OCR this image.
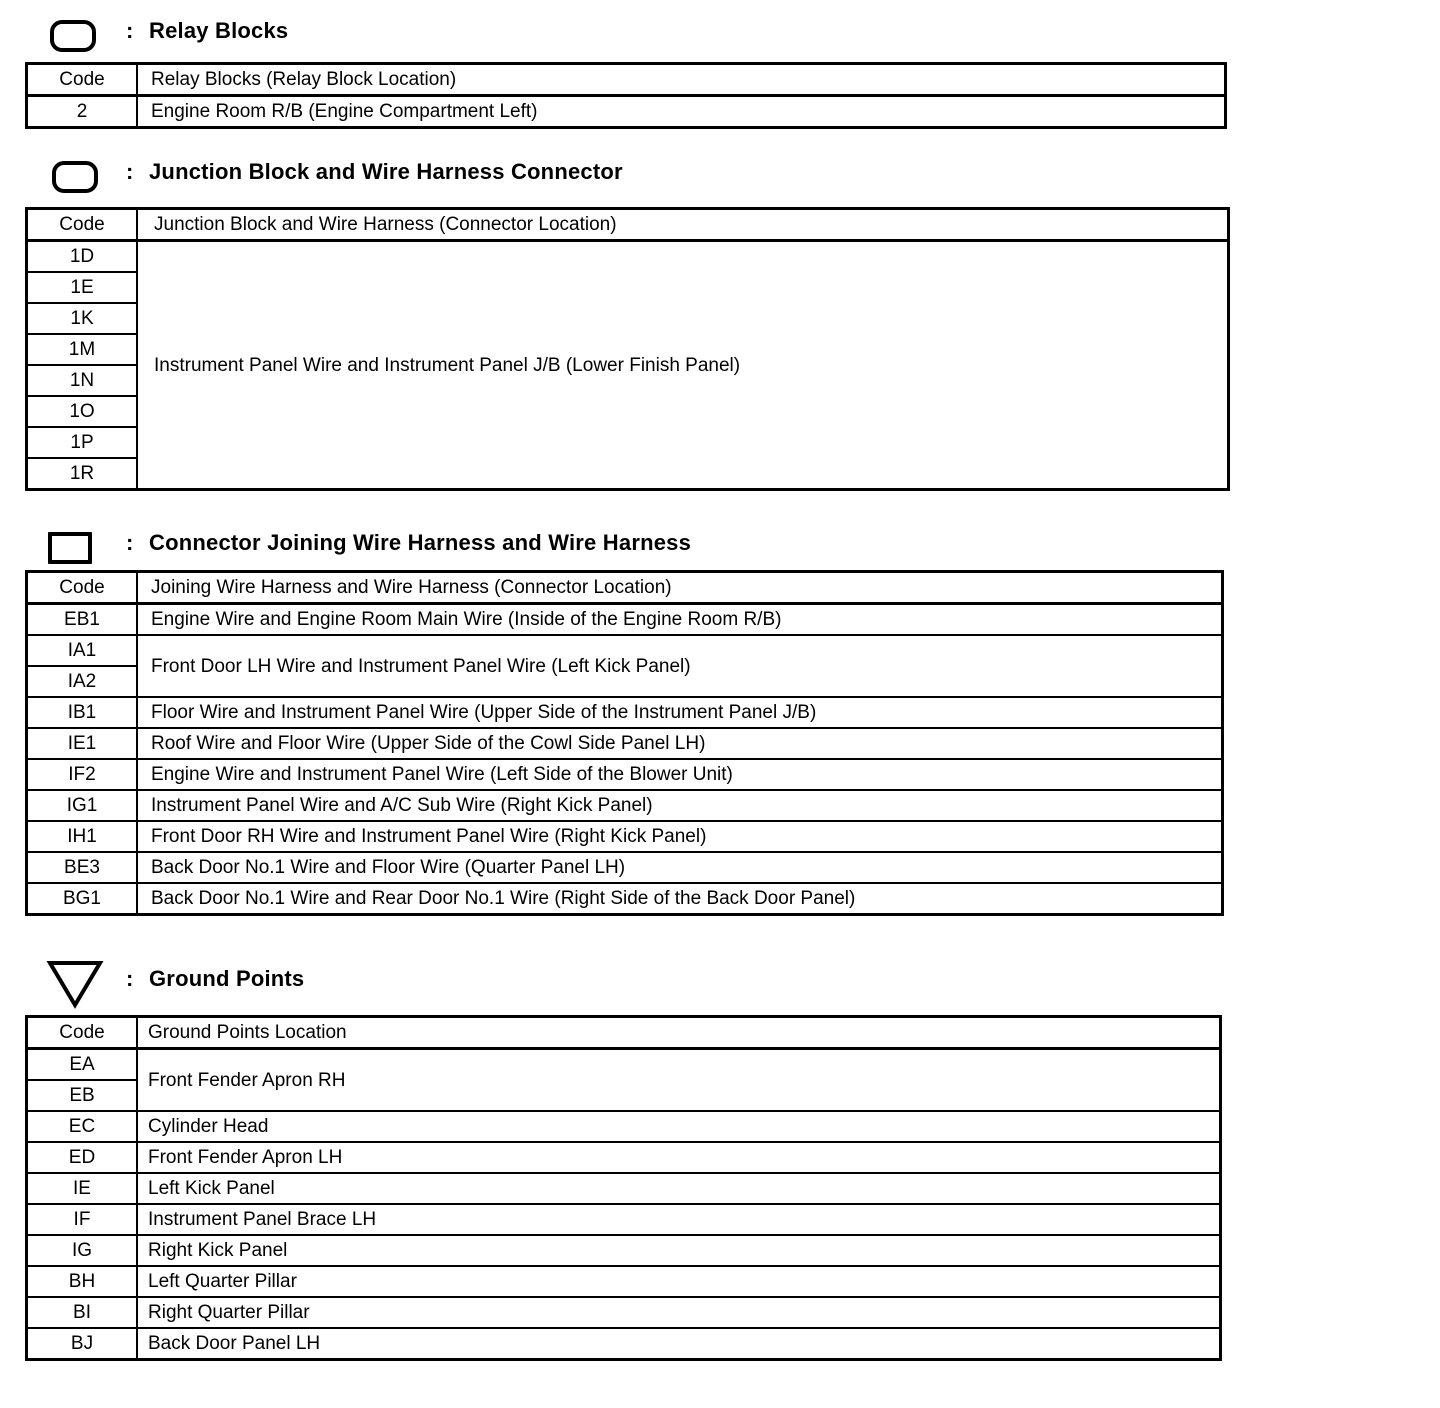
: Relay Blocks
Code	Relay Blocks (Relay Block Location)
2	Engine Room R/B (Engine Compartment Left)
: Junction Block and Wire Harness Connector
Code	Junction Block and Wire Harness (Connector Location)
1D	Instrument Panel Wire and Instrument Panel J/B (Lower Finish Panel)
1E	
1K	
1M	
1N	
1O	
1P	
1R	
: Connector Joining Wire Harness and Wire Harness
Code	Joining Wire Harness and Wire Harness (Connector Location)
EB1	Engine Wire and Engine Room Main Wire (Inside of the Engine Room R/B)
IA1	Front Door LH Wire and Instrument Panel Wire (Left Kick Panel)
IA2	
IB1	Floor Wire and Instrument Panel Wire (Upper Side of the Instrument Panel J/B)
IE1	Roof Wire and Floor Wire (Upper Side of the Cowl Side Panel LH)
IF2	Engine Wire and Instrument Panel Wire (Left Side of the Blower Unit)
IG1	Instrument Panel Wire and A/C Sub Wire (Right Kick Panel)
IH1	Front Door RH Wire and Instrument Panel Wire (Right Kick Panel)
BE3	Back Door No.1 Wire and Floor Wire (Quarter Panel LH)
BG1	Back Door No.1 Wire and Rear Door No.1 Wire (Right Side of the Back Door Panel)
: Ground Points
Code	Ground Points Location
EA	Front Fender Apron RH
EB	
EC	Cylinder Head
ED	Front Fender Apron LH
IE	Left Kick Panel
IF	Instrument Panel Brace LH
IG	Right Kick Panel
BH	Left Quarter Pillar
BI	Right Quarter Pillar
BJ	Back Door Panel LH
